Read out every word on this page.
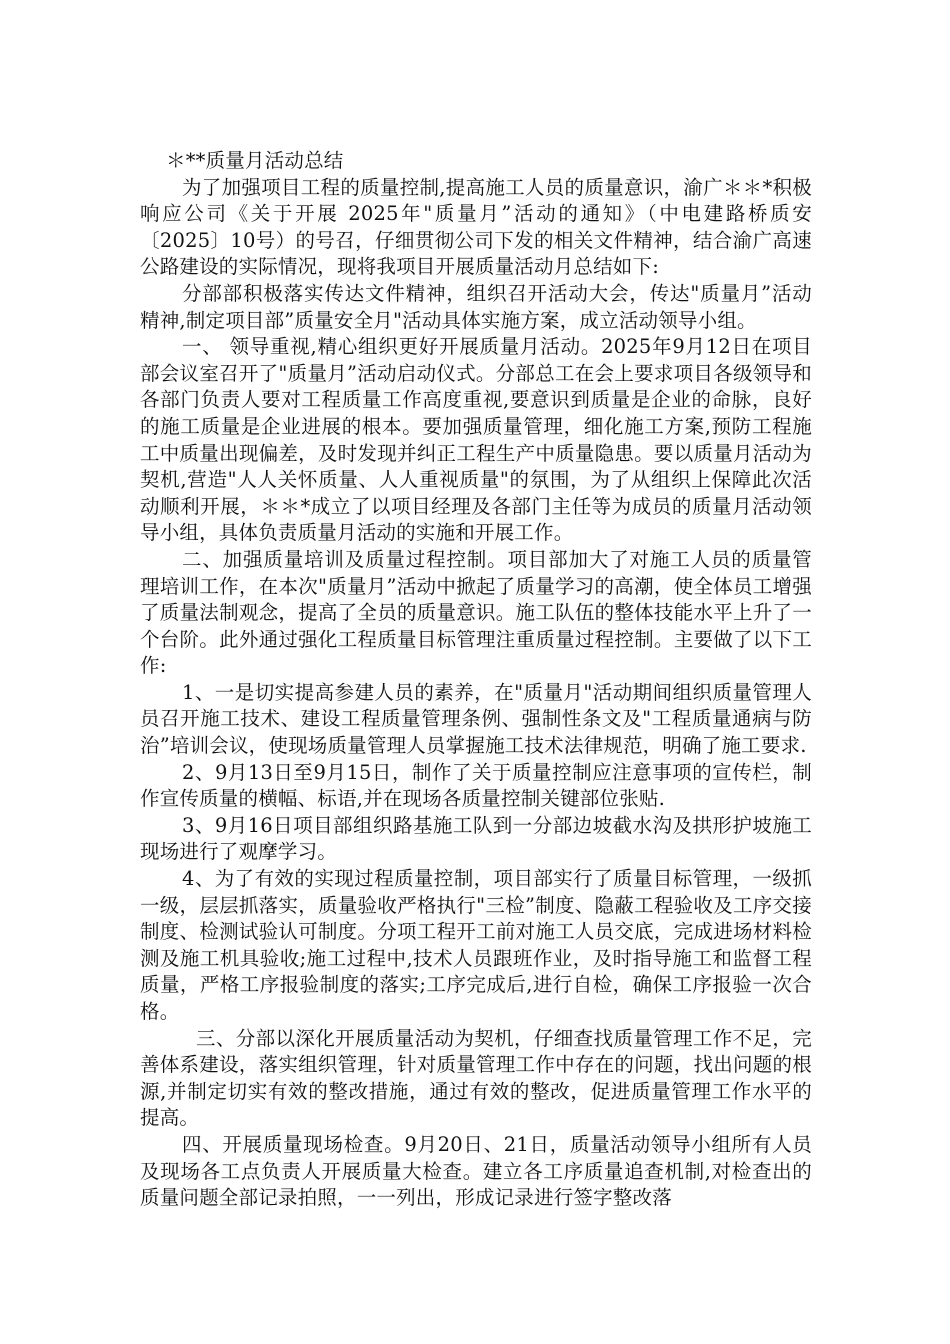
＊**质量月活动总结

为了加强项目工程的质量控制,提高施工人员的质量意识，渝广＊＊*积极响应公司《关于开展 2025年"质量月”活动的通知》（中电建路桥质安〔2025〕10号）的号召，仔细贯彻公司下发的相关文件精神，结合渝广高速公路建设的实际情况，现将我项目开展质量活动月总结如下:

分部部积极落实传达文件精神，组织召开活动大会，传达"质量月”活动精神,制定项目部”质量安全月"活动具体实施方案，成立活动领导小组。

一、 领导重视,精心组织更好开展质量月活动。2025年9月12日在项目部会议室召开了"质量月”活动启动仪式。分部总工在会上要求项目各级领导和各部门负责人要对工程质量工作高度重视,要意识到质量是企业的命脉，良好的施工质量是企业进展的根本。要加强质量管理，细化施工方案,预防工程施工中质量出现偏差，及时发现并纠正工程生产中质量隐患。要以质量月活动为契机,营造"人人关怀质量、人人重视质量"的氛围，为了从组织上保障此次活动顺利开展，＊＊*成立了以项目经理及各部门主任等为成员的质量月活动领导小组，具体负责质量月活动的实施和开展工作。

二、加强质量培训及质量过程控制。项目部加大了对施工人员的质量管理培训工作，在本次"质量月”活动中掀起了质量学习的高潮，使全体员工增强了质量法制观念，提高了全员的质量意识。施工队伍的整体技能水平上升了一个台阶。此外通过强化工程质量目标管理注重质量过程控制。主要做了以下工作:

1、一是切实提高参建人员的素养，在"质量月"活动期间组织质量管理人员召开施工技术、建设工程质量管理条例、强制性条文及"工程质量通病与防治”培训会议，使现场质量管理人员掌握施工技术法律规范，明确了施工要求.

2、9月13日至9月15日，制作了关于质量控制应注意事项的宣传栏，制作宣传质量的横幅、标语,并在现场各质量控制关键部位张贴.

3、9月16日项目部组织路基施工队到一分部边坡截水沟及拱形护坡施工现场进行了观摩学习。

4、为了有效的实现过程质量控制，项目部实行了质量目标管理，一级抓一级，层层抓落实，质量验收严格执行"三检”制度、隐蔽工程验收及工序交接制度、检测试验认可制度。分项工程开工前对施工人员交底，完成进场材料检测及施工机具验收;施工过程中,技术人员跟班作业，及时指导施工和监督工程质量，严格工序报验制度的落实;工序完成后,进行自检，确保工序报验一次合格。

三、分部以深化开展质量活动为契机，仔细查找质量管理工作不足，完善体系建设，落实组织管理，针对质量管理工作中存在的问题，找出问题的根源,并制定切实有效的整改措施，通过有效的整改，促进质量管理工作水平的提高。

四、开展质量现场检查。9月20日、21日，质量活动领导小组所有人员及现场各工点负责人开展质量大检查。建立各工序质量追查机制,对检查出的质量问题全部记录拍照，一一列出，形成记录进行签字整改落
